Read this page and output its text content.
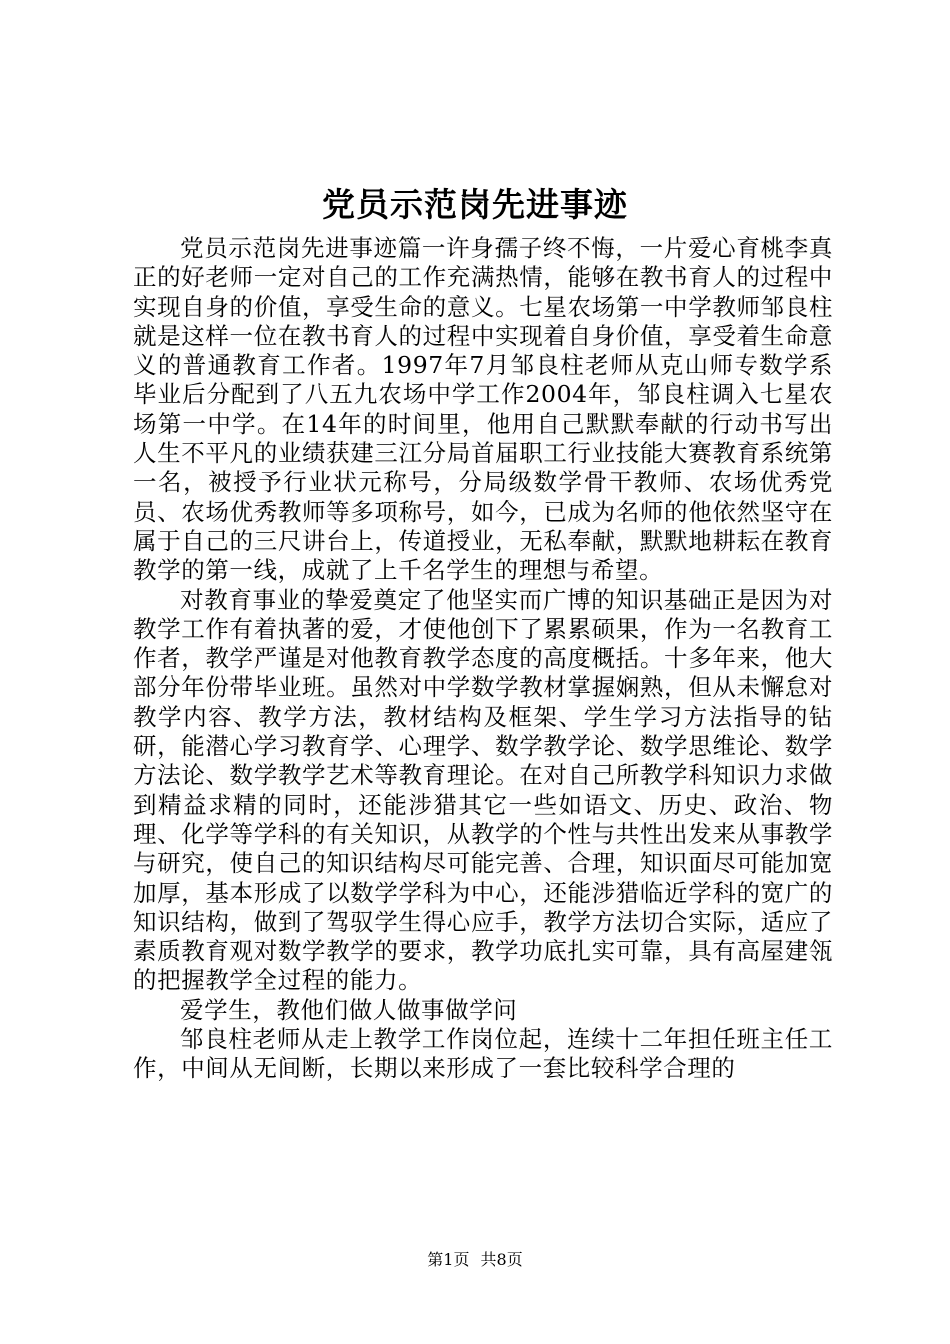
党员示范岗先进事迹

党员示范岗先进事迹篇一许身孺子终不悔，一片爱心育桃李真正的好老师一定对自己的工作充满热情，能够在教书育人的过程中实现自身的价值，享受生命的意义。七星农场第一中学教师邹良柱就是这样一位在教书育人的过程中实现着自身价值，享受着生命意义的普通教育工作者。1997年7月邹良柱老师从克山师专数学系毕业后分配到了八五九农场中学工作2004年，邹良柱调入七星农场第一中学。在14年的时间里，他用自己默默奉献的行动书写出人生不平凡的业绩获建三江分局首届职工行业技能大赛教育系统第一名，被授予行业状元称号，分局级数学骨干教师、农场优秀党员、农场优秀教师等多项称号，如今，已成为名师的他依然坚守在属于自己的三尺讲台上，传道授业，无私奉献，默默地耕耘在教育教学的第一线，成就了上千名学生的理想与希望。

对教育事业的挚爱奠定了他坚实而广博的知识基础正是因为对教学工作有着执著的爱，才使他创下了累累硕果，作为一名教育工作者，教学严谨是对他教育教学态度的高度概括。十多年来，他大部分年份带毕业班。虽然对中学数学教材掌握娴熟，但从未懈怠对教学内容、教学方法，教材结构及框架、学生学习方法指导的钻研，能潜心学习教育学、心理学、数学教学论、数学思维论、数学方法论、数学教学艺术等教育理论。在对自己所教学科知识力求做到精益求精的同时，还能涉猎其它一些如语文、历史、政治、物理、化学等学科的有关知识，从教学的个性与共性出发来从事教学与研究，使自己的知识结构尽可能完善、合理，知识面尽可能加宽加厚，基本形成了以数学学科为中心，还能涉猎临近学科的宽广的知识结构，做到了驾驭学生得心应手，教学方法切合实际，适应了素质教育观对数学教学的要求，教学功底扎实可靠，具有高屋建瓴的把握教学全过程的能力。

爱学生，教他们做人做事做学问

邹良柱老师从走上教学工作岗位起，连续十二年担任班主任工作，中间从无间断，长期以来形成了一套比较科学合理的

第1页 共8页
